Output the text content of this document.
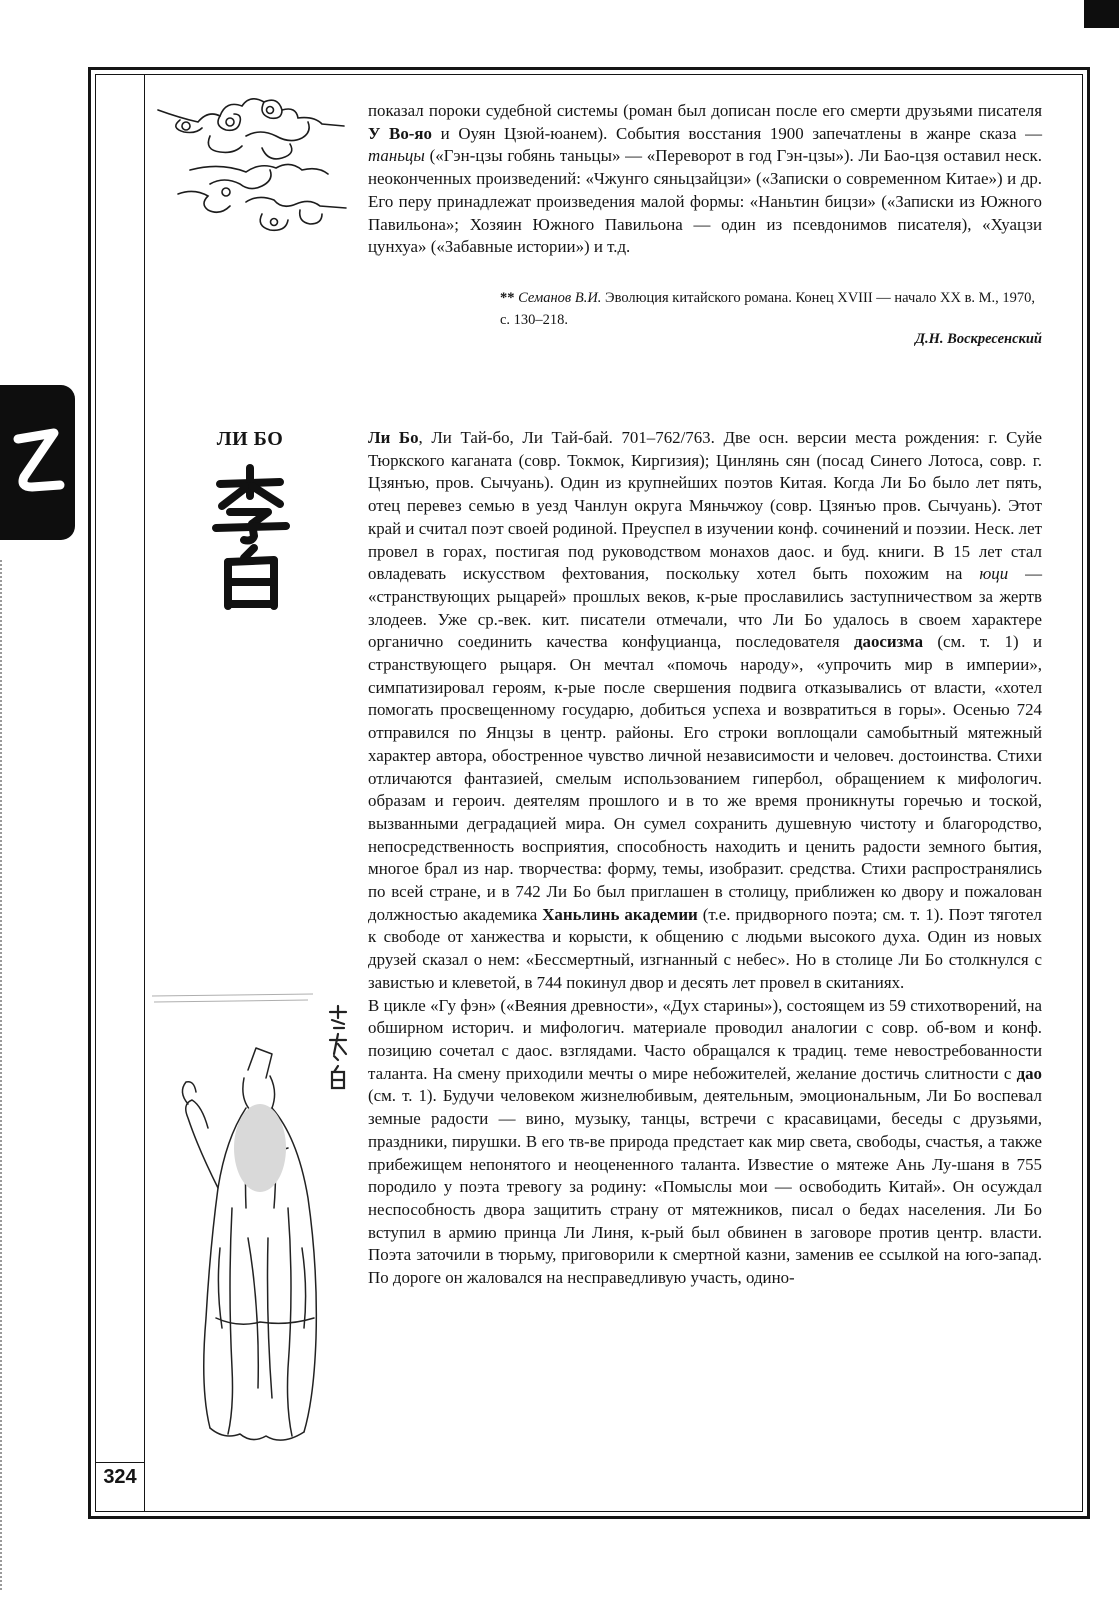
324

показал пороки судебной системы (роман был дописан после его смерти друзьями писателя У Во-яо и Оуян Цзюй-юанем). События восстания 1900 запечатлены в жанре сказа — таньцы («Гэн-цзы гобянь таньцы» — «Переворот в год Гэн-цзы»). Ли Бао-цзя оставил неск. неоконченных произведений: «Чжунго сяньцзайцзи» («Записки о современном Китае») и др. Его перу принадлежат произведения малой формы: «Наньтин бицзи» («Записки из Южного Павильона»; Хозяин Южного Павильона — один из псевдонимов писателя), «Хуацзи цунхуа» («Забавные истории») и т.д.

** Семанов В.И. Эволюция китайского романа. Конец XVIII — начало XX в. М., 1970, с. 130–218.
Д.Н. Воскресенский
ЛИ БО	Ли Бо, Ли Тай-бо, Ли Тай-бай. 701–762/763. Две осн. версии места рождения: г. Суйе Тюркского каганата (совр. Токмок, Киргизия); Цинлянь сян (посад Синего Лотоса, совр. г. Цзянъю, пров. Сычуань). Один из крупнейших поэтов Китая. Когда Ли Бо было лет пять, отец перевез семью в уезд Чанлун округа Мяньчжоу (совр. Цзянъю пров. Сычуань). Этот край и считал поэт своей родиной. Преуспел в изучении конф. сочинений и поэзии. Неск. лет провел в горах, постигая под руководством монахов даос. и буд. книги. В 15 лет стал овладевать искусством фехтования, поскольку хотел быть похожим на юци — «странствующих рыцарей» прошлых веков, к-рые прославились заступничеством за жертв злодеев. Уже ср.-век. кит. писатели отмечали, что Ли Бо удалось в своем характере органично соединить качества конфуцианца, последователя даосизма (см. т. 1) и странствующего рыцаря. Он мечтал «помочь народу», «упрочить мир в империи», симпатизировал героям, к-рые после свершения подвига отказывались от власти, «хотел помогать просвещенному государю, добиться успеха и возвратиться в горы». Осенью 724 отправился по Янцзы в центр. районы. Его строки воплощали самобытный мятежный характер автора, обостренное чувство личной независимости и человеч. достоинства. Стихи отличаются фантазией, смелым использованием гипербол, обращением к мифологич. образам и героич. деятелям прошлого и в то же время проникнуты горечью и тоской, вызванными деградацией мира. Он сумел сохранить душевную чистоту и благородство, непосредственность восприятия, способность находить и ценить радости земного бытия, многое брал из нар. творчества: форму, темы, изобразит. средства. Стихи распространялись по всей стране, и в 742 Ли Бо был приглашен в столицу, приближен ко двору и пожалован должностью академика Ханьлинь академии (т.е. придворного поэта; см. т. 1). Поэт тяготел к свободе от ханжества и корысти, к общению с людьми высокого духа. Один из новых друзей сказал о нем: «Бессмертный, изгнанный с небес». Но в столице Ли Бо столкнулся с завистью и клеветой, в 744 покинул двор и десять лет провел в скитаниях.

В цикле «Гу фэн» («Веяния древности», «Дух старины»), состоящем из 59 стихотворений, на обширном историч. и мифологич. материале проводил аналогии с совр. об-вом и конф. позицию сочетал с даос. взглядами. Часто обращался к традиц. теме невостребованности таланта. На смену приходили мечты о мире небожителей, желание достичь слитности с дао (см. т. 1). Будучи человеком жизнелюбивым, деятельным, эмоциональным, Ли Бо воспевал земные радости — вино, музыку, танцы, встречи с красавицами, беседы с друзьями, праздники, пирушки. В его тв-ве природа предстает как мир света, свободы, счастья, а также прибежищем непонятого и неоцененного таланта. Известие о мятеже Ань Лу-шаня в 755 породило у поэта тревогу за родину: «Помыслы мои — освободить Китай». Он осуждал неспособность двора защитить страну от мятежников, писал о бедах населения. Ли Бо вступил в армию принца Ли Линя, к-рый был обвинен в заговоре против центр. власти. Поэта заточили в тюрьму, приговорили к смертной казни, заменив ее ссылкой на юго-запад. По дороге он жаловался на несправедливую участь, одино-
